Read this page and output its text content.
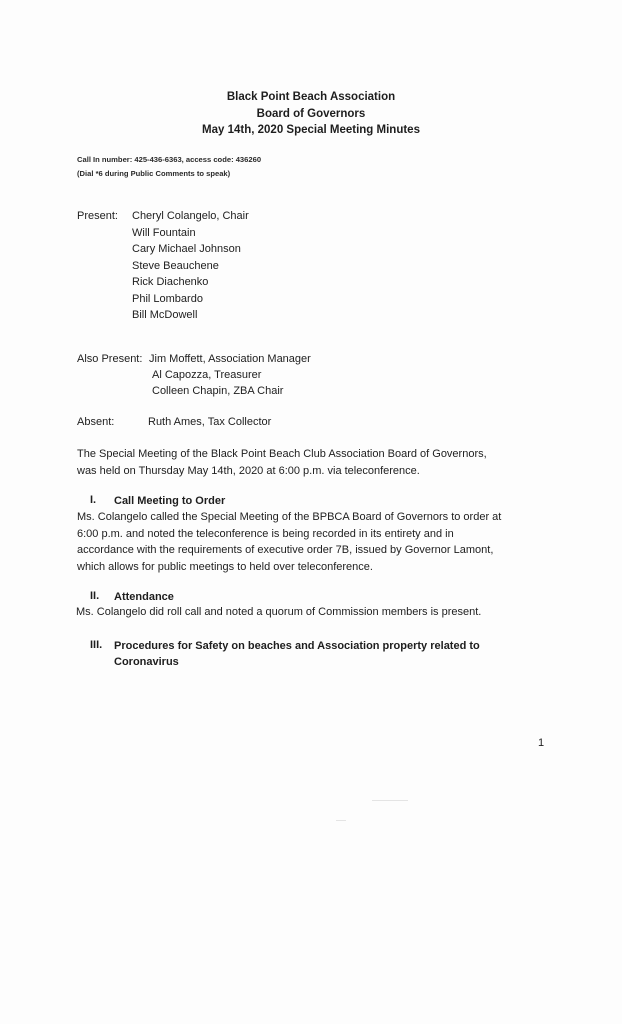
Black Point Beach Association
Board of Governors
May 14th, 2020 Special Meeting Minutes
Call In number: 425-436-6363, access code: 436260
(Dial *6 during Public Comments to speak)
Present: Cheryl Colangelo, Chair
Will Fountain
Cary Michael Johnson
Steve Beauchene
Rick Diachenko
Phil Lombardo
Bill McDowell
Also Present: Jim Moffett, Association Manager
Al Capozza, Treasurer
Colleen Chapin, ZBA Chair
Absent:	Ruth Ames, Tax Collector
The Special Meeting of the Black Point Beach Club Association Board of Governors,
was held on Thursday May 14th, 2020 at 6:00 p.m. via teleconference.
I. Call Meeting to Order
Ms. Colangelo called the Special Meeting of the BPBCA Board of Governors to order at
6:00 p.m. and noted the teleconference is being recorded in its entirety and in
accordance with the requirements of executive order 7B, issued by Governor Lamont,
which allows for public meetings to held over teleconference.
II. Attendance
Ms. Colangelo did roll call and noted a quorum of Commission members is present.
III. Procedures for Safety on beaches and Association property related to
Coronavirus
1
